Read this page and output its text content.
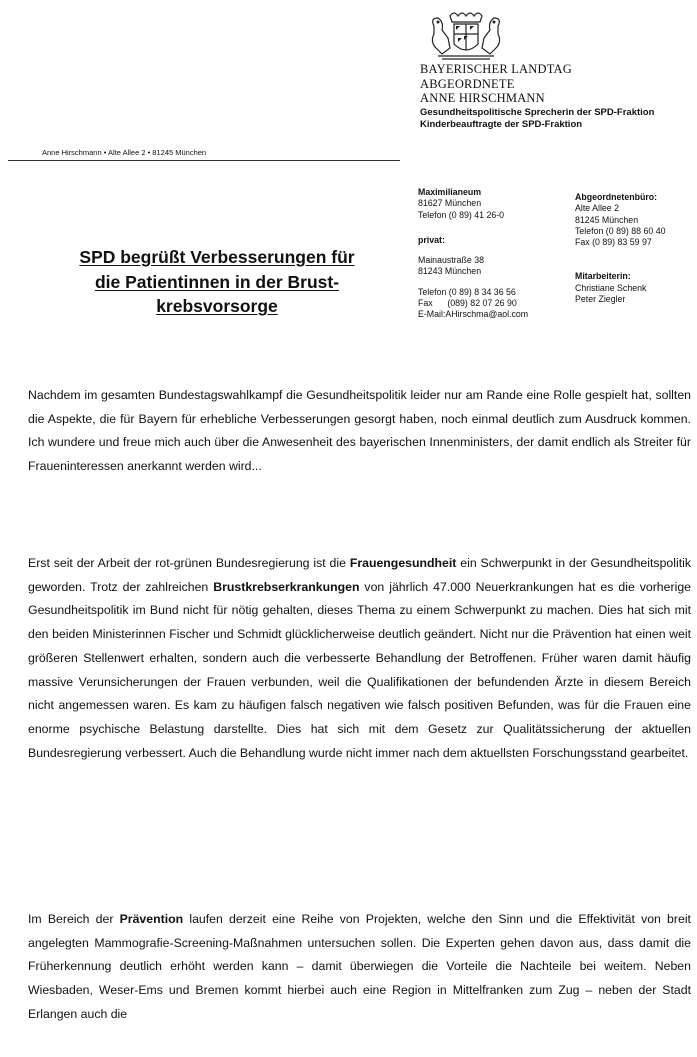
BAYERISCHER LANDTAG
ABGEORDNETE
ANNE HIRSCHMANN
Gesundheitspolitische Sprecherin der SPD-Fraktion
Kinderbeauftragte der SPD-Fraktion
Anne Hirschmann • Alte Allee 2 • 81245 München
Maximilianeum
81627 München
Telefon (0 89) 41 26-0
privat:
Mainaustraße 38
81243 München
Telefon (0 89) 8 34 36 56
Fax      (089) 82 07 26 90
E-Mail:AHirschma@aol.com
Abgeordnetenbüro:
Alte Allee 2
81245 München
Telefon (0 89) 88 60 40
Fax (0 89) 83 59 97
Mitarbeiterin:
Christiane Schenk
Peter Ziegler
SPD begrüßt Verbesserungen für
die Patientinnen in der Brust-
krebsvorsorge
Nachdem im gesamten Bundestagswahlkampf die Gesundheitspolitik leider nur am Rande eine Rolle gespielt hat, sollten die Aspekte, die für Bayern für erhebliche Verbesserungen gesorgt haben, noch einmal deutlich zum Ausdruck kommen. Ich wundere und freue mich auch über die Anwesenheit des bayerischen Innenministers, der damit endlich als Streiter für Fraueninteressen anerkannt werden wird...
Erst seit der Arbeit der rot-grünen Bundesregierung ist die Frauengesundheit ein Schwerpunkt in der Gesundheitspolitik geworden. Trotz der zahlreichen Brustkrebserkrankungen von jährlich 47.000 Neuerkrankungen hat es die vorherige Gesundheitspolitik im Bund nicht für nötig gehalten, dieses Thema zu einem Schwerpunkt zu machen. Dies hat sich mit den beiden Ministerinnen Fischer und Schmidt glücklicherweise deutlich geändert. Nicht nur die Prävention hat einen weit größeren Stellenwert erhalten, sondern auch die verbesserte Behandlung der Betroffenen. Früher waren damit häufig massive Verunsicherungen der Frauen verbunden, weil die Qualifikationen der befundenden Ärzte in diesem Bereich nicht angemessen waren. Es kam zu häufigen falsch negativen wie falsch positiven Befunden, was für die Frauen eine enorme psychische Belastung darstellte. Dies hat sich mit dem Gesetz zur Qualitätssicherung der aktuellen Bundesregierung verbessert. Auch die Behandlung wurde nicht immer nach dem aktuellsten Forschungsstand gearbeitet.
Im Bereich der Prävention laufen derzeit eine Reihe von Projekten, welche den Sinn und die Effektivität von breit angelegten Mammografie-Screening-Maßnahmen untersuchen sollen. Die Experten gehen davon aus, dass damit die Früherkennung deutlich erhöht werden kann – damit überwiegen die Vorteile die Nachteile bei weitem. Neben Wiesbaden, Weser-Ems und Bremen kommt hierbei auch eine Region in Mittelfranken zum Zug – neben der Stadt Erlangen auch die
